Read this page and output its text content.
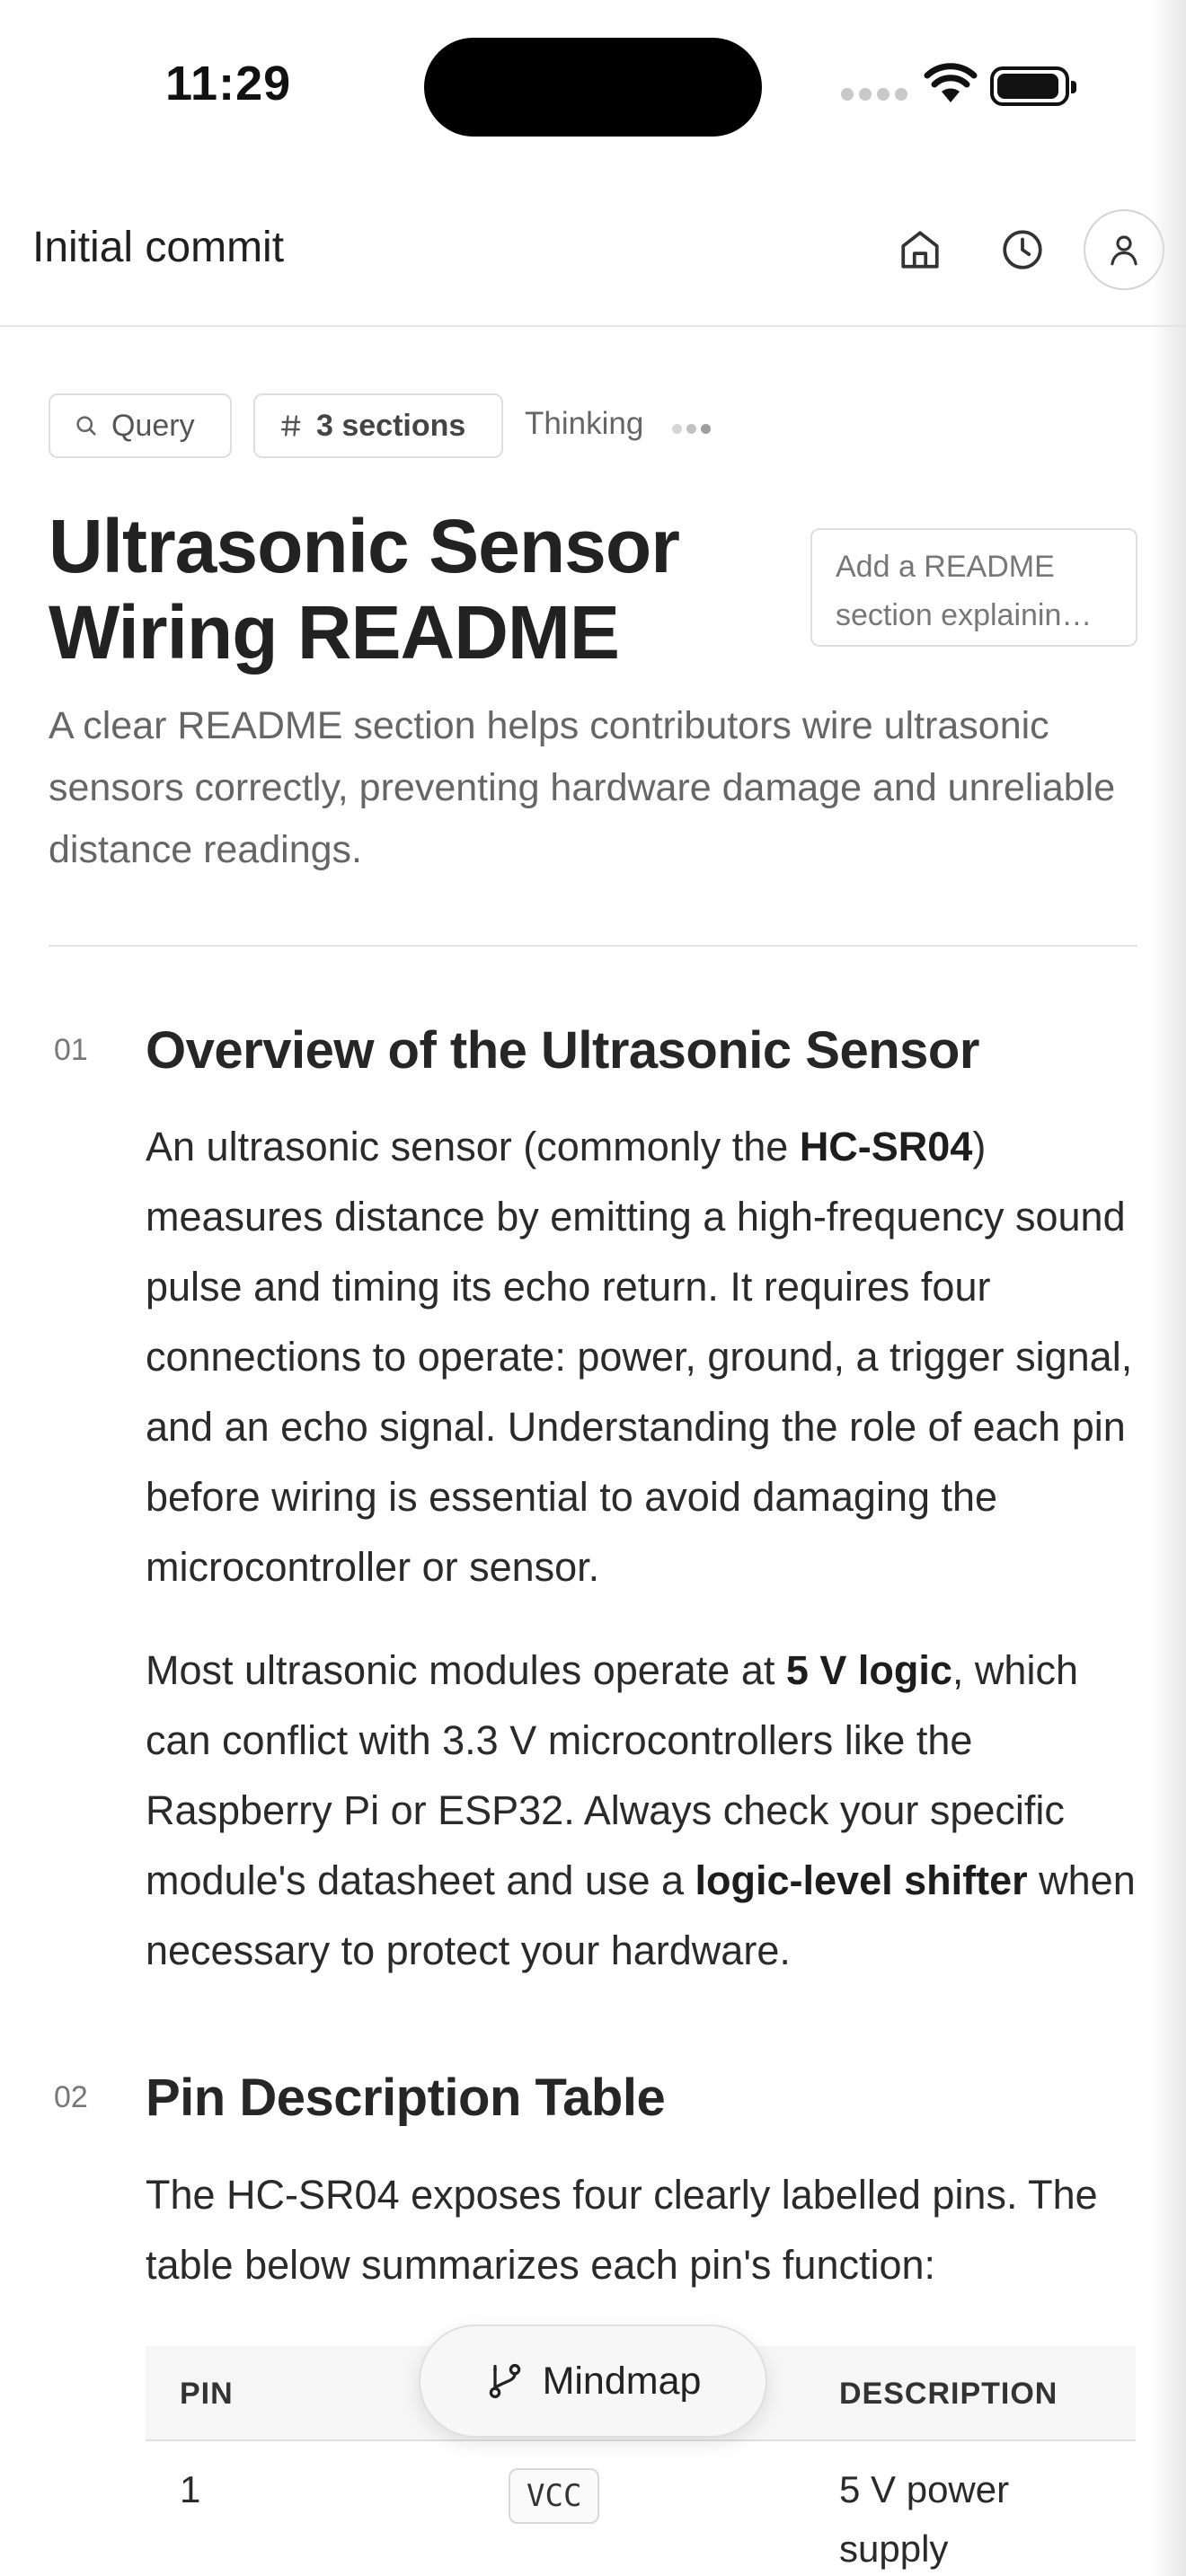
11:29
Initial commit
Query	3 sections Thinking
Ultrasonic Sensor Wiring README
Add a README
section explainin…
A clear README section helps contributors wire ultrasonic sensors correctly, preventing hardware damage and unreliable distance readings.
01 Overview of the Ultrasonic Sensor

An ultrasonic sensor (commonly the HC-SR04) measures distance by emitting a high-frequency sound pulse and timing its echo return. It requires four connections to operate: power, ground, a trigger signal, and an echo signal. Understanding the role of each pin before wiring is essential to avoid damaging the microcontroller or sensor.

Most ultrasonic modules operate at 5 V logic, which can conflict with 3.3 V microcontrollers like the Raspberry Pi or ESP32. Always check your specific module's datasheet and use a logic-level shifter when necessary to protect your hardware.

02 Pin Description Table

The HC-SR04 exposes four clearly labelled pins. The table below summarizes each pin's function:

PIN	DESCRIPTION
1	VCC	5 V power
supply
Mindmap
